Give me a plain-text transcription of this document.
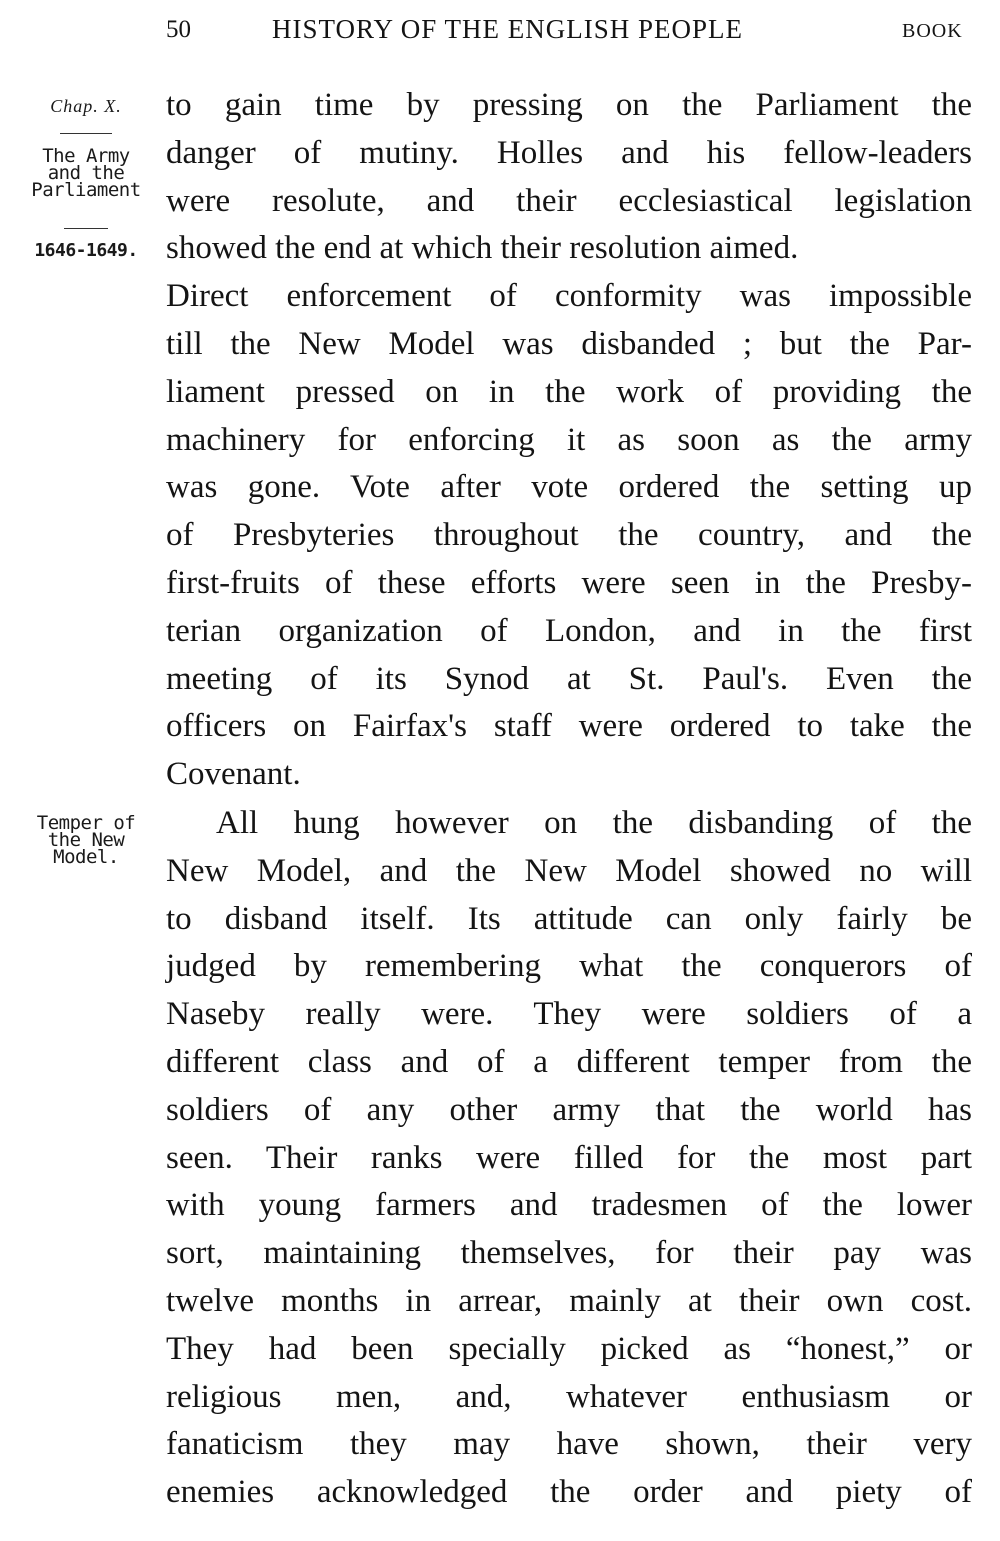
50	HISTORY OF THE ENGLISH PEOPLE	BOOK
Chap. X.
The Army
and the
Parliament
1646-1649.
Temper of
the New
Model.
to gain time by pressing on the Parliament the
danger of mutiny. Holles and his fellow-leaders
were resolute, and their ecclesiastical legislation
showed the end at which their resolution aimed.
Direct enforcement of conformity was impossible
till the New Model was disbanded ; but the Par-
liament pressed on in the work of providing the
machinery for enforcing it as soon as the army
was gone. Vote after vote ordered the setting up
of Presbyteries throughout the country, and the
first-fruits of these efforts were seen in the Presby-
terian organization of London, and in the first
meeting of its Synod at St. Paul's. Even the
officers on Fairfax's staff were ordered to take the
Covenant.
All hung however on the disbanding of the
New Model, and the New Model showed no will
to disband itself. Its attitude can only fairly be
judged by remembering what the conquerors of
Naseby really were. They were soldiers of a
different class and of a different temper from the
soldiers of any other army that the world has
seen. Their ranks were filled for the most part
with young farmers and tradesmen of the lower
sort, maintaining themselves, for their pay was
twelve months in arrear, mainly at their own cost.
They had been specially picked as “honest,” or
religious men, and, whatever enthusiasm or
fanaticism they may have shown, their very
enemies acknowledged the order and piety of
